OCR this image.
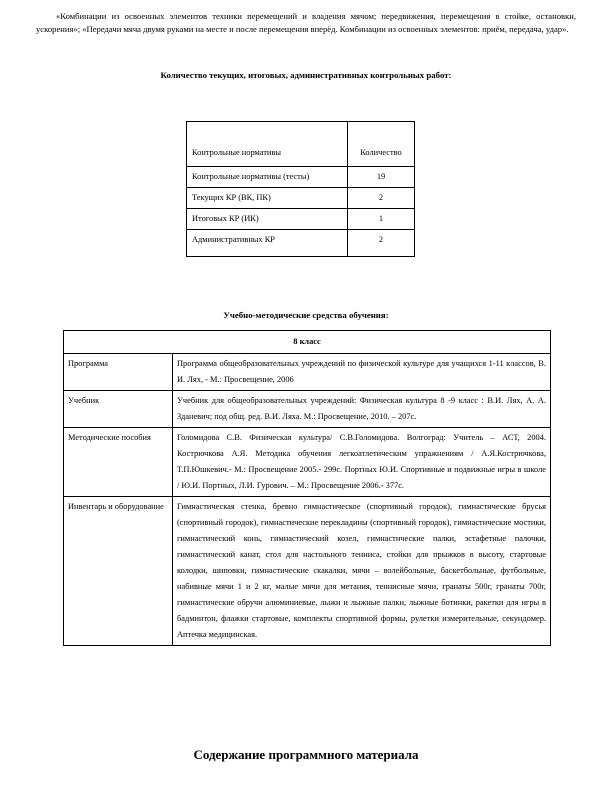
«Комбинации из освоенных элементов техники перемещений и владения мячом; передвижения, перемещения в стойке, остановки, ускорения»; «Передачи мяча двумя руками на месте и после перемещения вперёд. Комбинации из освоенных элементов: приём, передача, удар».

Количество текущих, итоговых, административных контрольных работ:

Контрольные нормативы	Количество
Контрольные нормативы (тесты)	19
Текущих КР (ВК, ПК)	2
Итоговых КР (ИК)	1
Административных КР	2

Учебно-методические средства обучения:

8 класс	
Программа	Программа общеобразовательных учреждений по физической культуре для учащихся 1-11 классов, В. И. Лях, - М.: Просвещение, 2006
Учебник	Учебник для общеобразовательных учреждений: Физическая культура 8 -9 класс : В.И. Лях, А. А. Зданевич; под общ. ред. В.И. Ляха. М.: Просвещение, 2010. – 207с.
Методические пособия	Голомидова С.В. Физическая культура/ С.В.Голомидова. Волгоград: Учитель – АСТ, 2004. Кострючкова А.Я. Методика обучения легкоатлетическим упражнениям / А.Я.Кострючкова, Т.П.Юшкевич.- М.: Просвещение 2005.- 299с. Портных Ю.И. Спортивные и подвижные игры в школе / Ю.И. Портных, Л.И. Гурович. – М.: Просвещение 2006.- 377с.
Инвентарь и оборудование	Гимнастическая стенка, бревно гимнастическое (спортивный городок), гимнастические брусья (спортивный городок), гимнастические перекладины (спортивный городок), гимнастические мостики, гимнастический конь, гимнастический козел, гимнастические палки, эстафетные палочки, гимнастический канат, стол для настольного тенниса, стойки для прыжков в высоту, стартовые колодки, шиповки, гимнастические скакалки, мячи – волейбольные, баскетбольные, футбольные, набивные мячи 1 и 2 кг, малые мячи для метания, теннисные мячи, гранаты 500г, гранаты 700г, гимнастические обручи алюминиевые, лыжи и лыжные палки, лыжные ботинки, ракетки для игры в бадминтон, флажки стартовые, комплекты спортивной формы, рулетки измерительные, секундомер. Аптечка медицинская.

Содержание программного материала
